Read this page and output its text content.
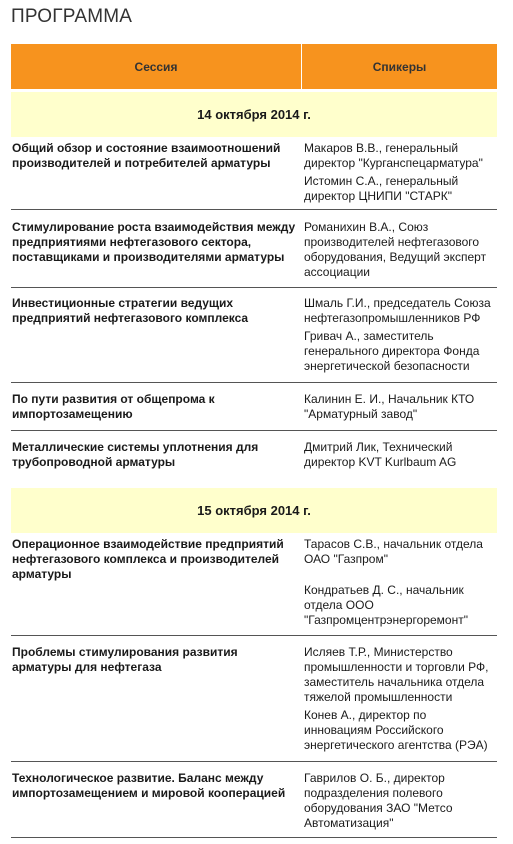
ПРОГРАММА
Сессия	Спикеры
14 октября 2014 г.
Общий обзор и состояние взаимоотношений производителей и потребителей арматуры
Макаров В.В., генеральный директор "Курганспецарматура"
Истомин С.А., генеральный директор ЦНИПИ "СТАРК"
Стимулирование роста взаимодействия между предприятиями нефтегазового сектора, поставщиками и производителями арматуры
Романихин В.А., Союз производителей нефтегазового оборудования, Ведущий эксперт ассоциации
Инвестиционные стратегии ведущих предприятий нефтегазового комплекса
Шмаль Г.И., председатель Союза нефтегазопромышленников РФ
Гривач А., заместитель генерального директора Фонда энергетической безопасности
По пути развития от общепрома к импортозамещению
Калинин Е. И., Начальник КТО "Арматурный завод"
Металлические системы уплотнения для трубопроводной арматуры
Дмитрий Лик, Технический директор KVT Kurlbaum AG
15 октября 2014 г.
Операционное взаимодействие предприятий нефтегазового комплекса и производителей арматуры
Тарасов С.В., начальник отдела ОАО "Газпром"
Кондратьев Д. С., начальник отдела ООО "Газпромцентрэнергоремонт"
Проблемы стимулирования развития арматуры для нефтегаза
Исляев Т.Р., Министерство промышленности и торговли РФ, заместитель начальника отдела тяжелой промышленности
Конев А., директор по инновациям Российского энергетического агентства (РЭА)
Технологическое развитие. Баланс между импортозамещением и мировой кооперацией
Гаврилов О. Б., директор подразделения полевого оборудования ЗАО "Метсо Автоматизация"
